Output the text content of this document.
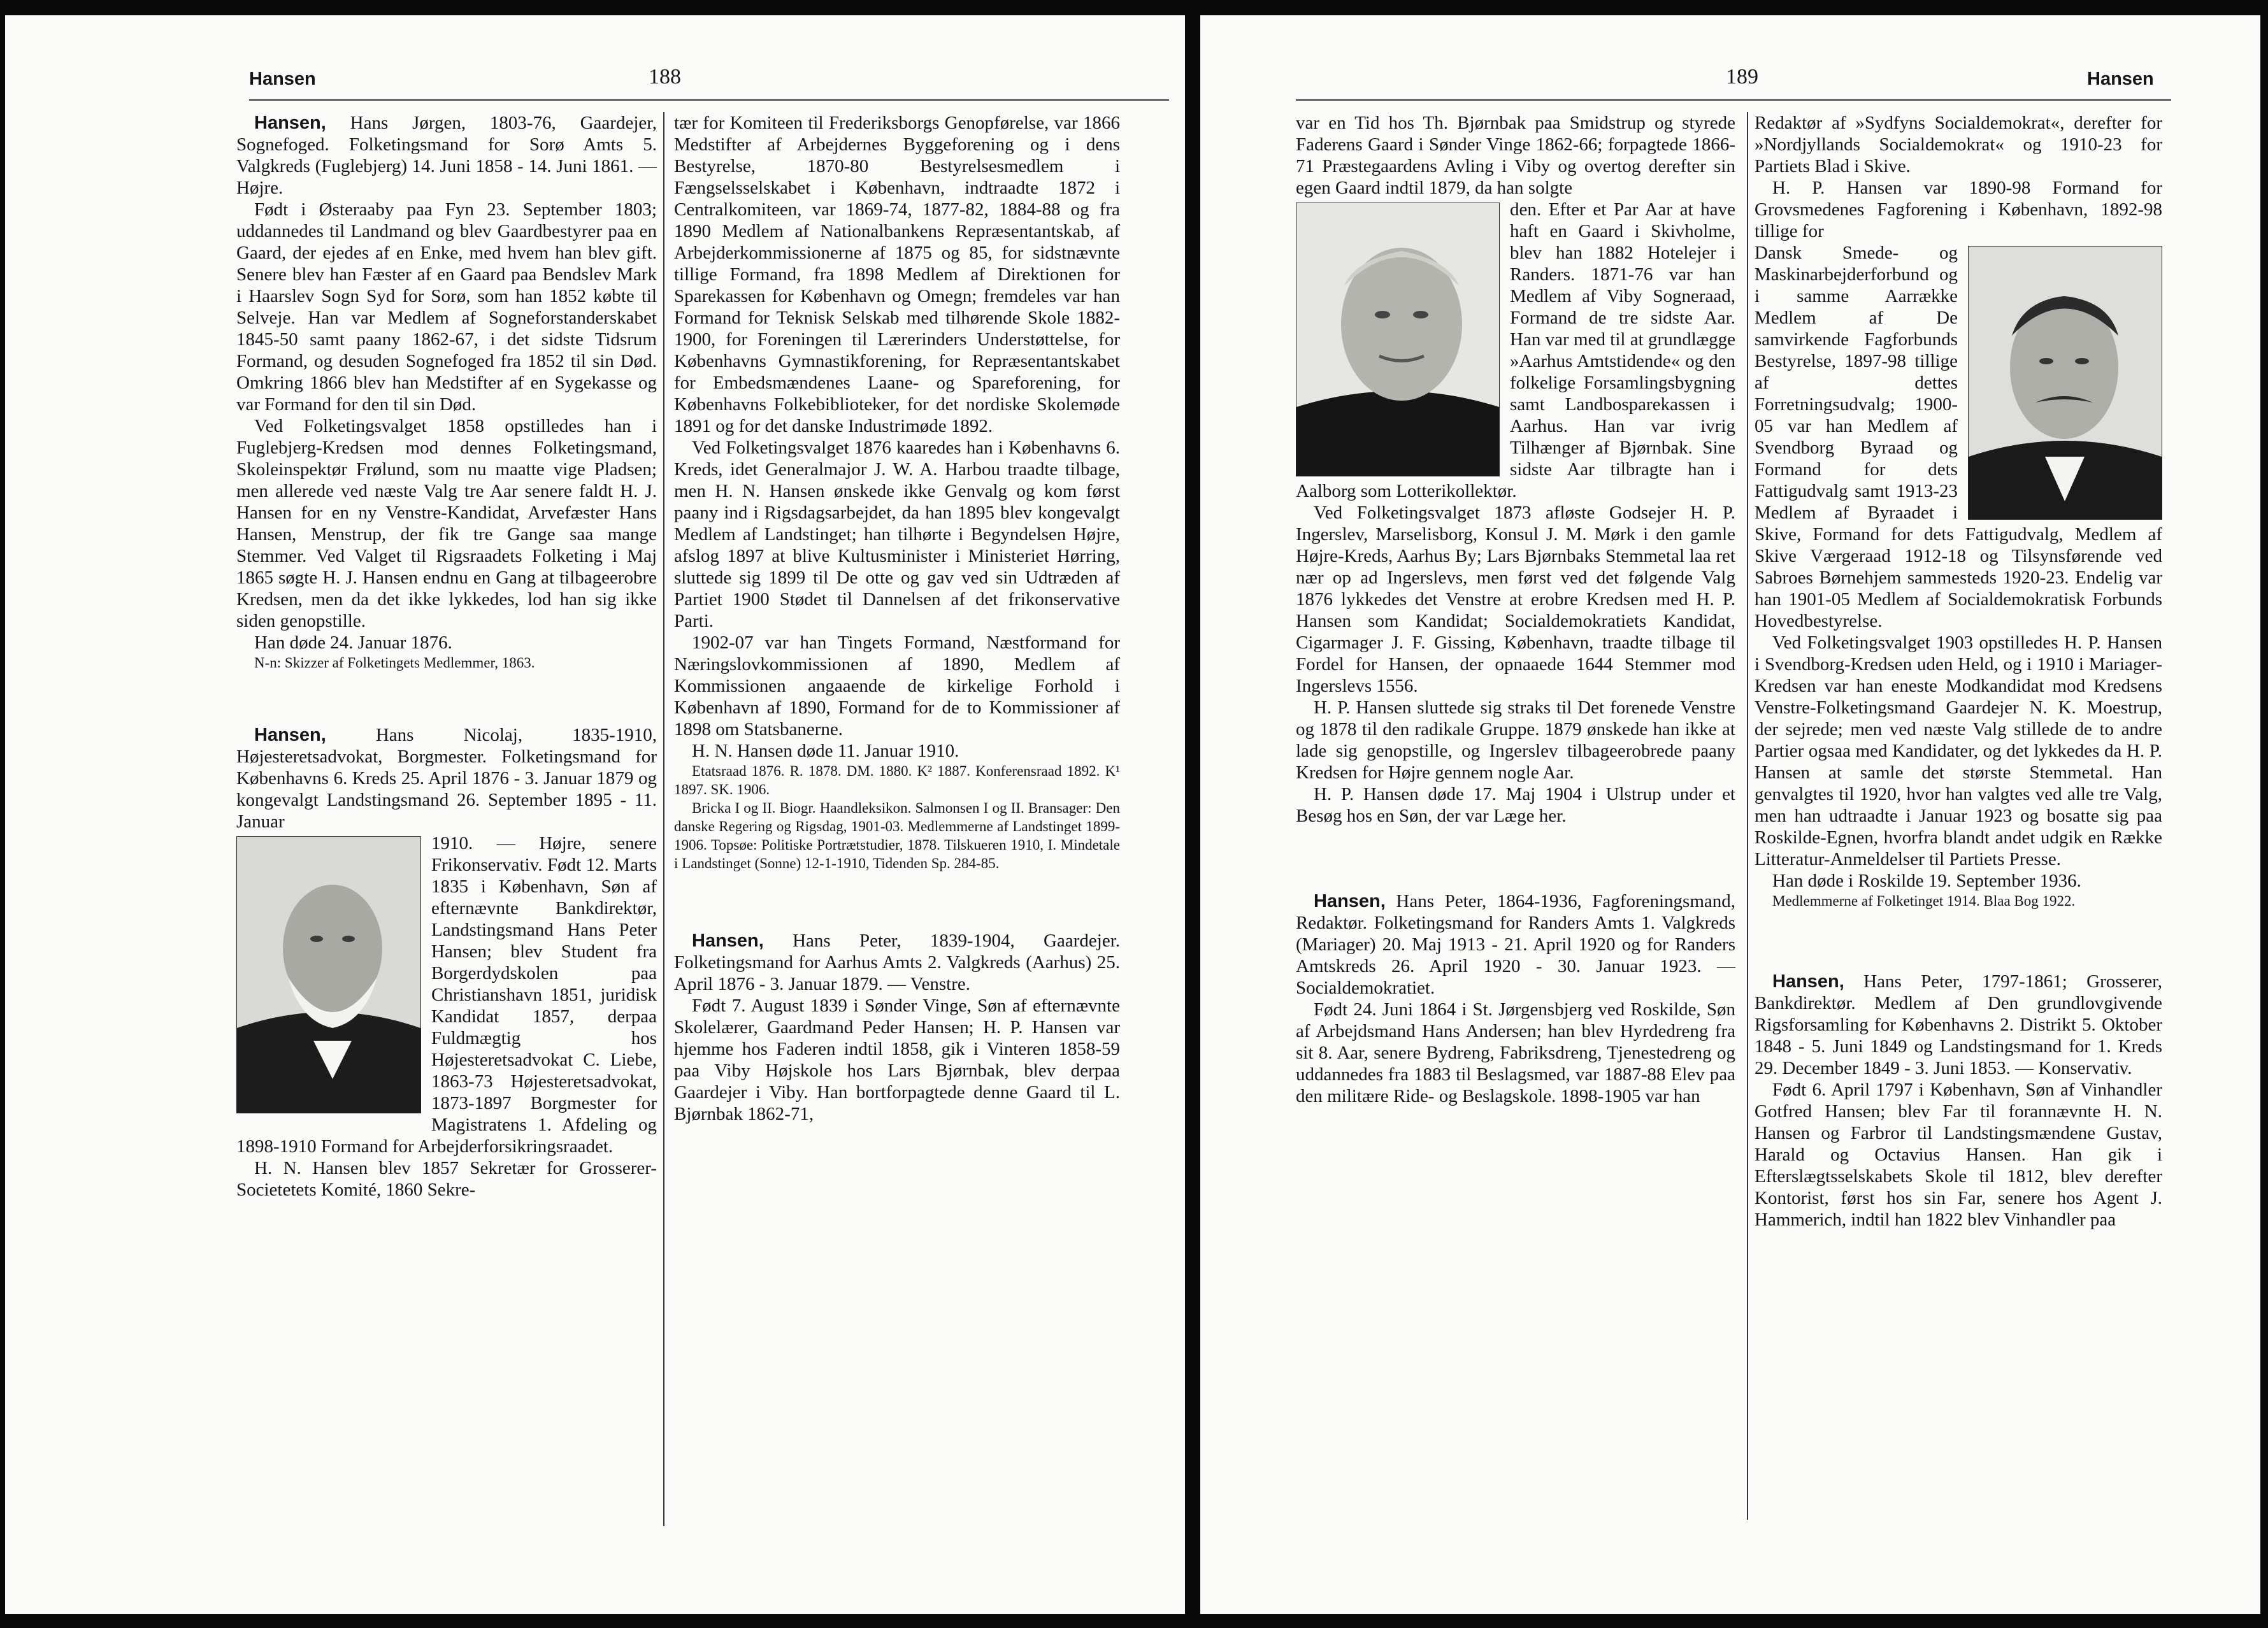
Hansen	188

Hansen, Hans Jørgen, 1803-76, Gaardejer, Sognefoged. Folketingsmand for Sorø Amts 5. Valgkreds (Fuglebjerg) 14. Juni 1858 - 14. Juni 1861. — Højre.

Født i Østeraaby paa Fyn 23. September 1803; uddannedes til Landmand og blev Gaardbestyrer paa en Gaard, der ejedes af en Enke, med hvem han blev gift. Senere blev han Fæster af en Gaard paa Bendslev Mark i Haarslev Sogn Syd for Sorø, som han 1852 købte til Selveje. Han var Medlem af Sogneforstanderskabet 1845-50 samt paany 1862-67, i det sidste Tidsrum Formand, og desuden Sognefoged fra 1852 til sin Død. Omkring 1866 blev han Medstifter af en Sygekasse og var Formand for den til sin Død.

Ved Folketingsvalget 1858 opstilledes han i Fuglebjerg-Kredsen mod dennes Folketingsmand, Skoleinspektør Frølund, som nu maatte vige Pladsen; men allerede ved næste Valg tre Aar senere faldt H. J. Hansen for en ny Venstre-Kandidat, Arvefæster Hans Hansen, Menstrup, der fik tre Gange saa mange Stemmer. Ved Valget til Rigsraadets Folketing i Maj 1865 søgte H. J. Hansen endnu en Gang at tilbageerobre Kredsen, men da det ikke lykkedes, lod han sig ikke siden genopstille.

Han døde 24. Januar 1876.

N-n: Skizzer af Folketingets Medlemmer, 1863.

Hansen,	Hans Nicolaj, 1835-1910, Højesteretsadvokat, Borgmester. Folketingsmand for Københavns 6. Kreds 25. April 1876 - 3. Januar 1879 og kongevalgt Landstingsmand 26. September 1895 - 11. Januar

1910. — Højre, senere Frikonservativ. Født 12. Marts 1835 i København, Søn af efternævnte Bankdirektør, Landstingsmand Hans Peter Hansen; blev Student fra Borgerdydskolen paa Christianshavn 1851, juridisk Kandidat 1857, derpaa Fuldmægtig hos Højesteretsadvokat C. Liebe, 1863-73 Højesteretsadvokat, 1873-1897 Borgmester for Magistratens 1. Afdeling og 1898-1910 Formand for Arbejderforsikringsraadet.

H. N. Hansen blev 1857 Sekretær for Grosserer-Societetets Komité, 1860 Sekre-

tær for Komiteen til Frederiksborgs Genopførelse, var 1866 Medstifter af Arbejdernes Byggeforening og i dens Bestyrelse, 1870-80 Bestyrelsesmedlem i Fængselsselskabet i København, indtraadte 1872 i Centralkomiteen, var 1869-74, 1877-82, 1884-88 og fra 1890 Medlem af Nationalbankens Repræsentantskab, af Arbejderkommissionerne af 1875 og 85, for sidstnævnte tillige Formand, fra 1898 Medlem af Direktionen for Sparekassen for København og Omegn; fremdeles var han Formand for Teknisk Selskab med tilhørende Skole 1882-1900, for Foreningen til Lærerinders Understøttelse, for Københavns Gymnastikforening, for Repræsentantskabet for Embedsmændenes Laane- og Spareforening, for Københavns Folkebiblioteker, for det nordiske Skolemøde 1891 og for det danske Industrimøde 1892.

Ved Folketingsvalget 1876 kaaredes han i Københavns 6. Kreds, idet Generalmajor J. W. A. Harbou traadte tilbage, men H. N. Hansen ønskede ikke Genvalg og kom først paany ind i Rigsdagsarbejdet, da han 1895 blev kongevalgt Medlem af Landstinget; han tilhørte i Begyndelsen Højre, afslog 1897 at blive Kultusminister i Ministeriet Hørring, sluttede sig 1899 til De otte og gav ved sin Udtræden af Partiet 1900 Stødet til Dannelsen af det frikonservative Parti.

1902-07 var han Tingets Formand, Næstformand for Næringslovkommissionen af 1890, Medlem af Kommissionen angaaende de kirkelige Forhold i København af 1890, Formand for de to Kommissioner af 1898 om Statsbanerne.

H. N. Hansen døde 11. Januar 1910.

Etatsraad 1876. R. 1878. DM. 1880. K² 1887. Konferensraad 1892. K¹ 1897. SK. 1906.

Bricka I og II. Biogr. Haandleksikon. Salmonsen I og II. Bransager: Den danske Regering og Rigsdag, 1901-03. Medlemmerne af Landstinget 1899-1906. Topsøe: Politiske Portrætstudier, 1878. Tilskueren 1910, I. Mindetale i Landstinget (Sonne) 12-1-1910, Tidenden Sp. 284-85.

Hansen, Hans Peter, 1839-1904, Gaardejer. Folketingsmand for Aarhus Amts 2. Valgkreds (Aarhus) 25. April 1876 - 3. Januar 1879. — Venstre.

Født 7. August 1839 i Sønder Vinge, Søn af efternævnte Skolelærer, Gaardmand Peder Hansen; H. P. Hansen var hjemme hos Faderen indtil 1858, gik i Vinteren 1858-59 paa Viby Højskole hos Lars Bjørnbak, blev derpaa Gaardejer i Viby. Han bortforpagtede denne Gaard til L. Bjørnbak 1862-71,

189	Hansen

var en Tid hos Th. Bjørnbak paa Smidstrup og styrede Faderens Gaard i Sønder Vinge 1862-66; forpagtede 1866-71 Præstegaardens Avling i Viby og overtog derefter sin egen Gaard indtil 1879, da han solgte

den. Efter et Par Aar at have haft en Gaard i Skivholme, blev han 1882 Hotelejer i Randers. 1871-76 var han Medlem af Viby Sogneraad, Formand de tre sidste Aar. Han var med til at grundlægge »Aarhus Amtstidende« og den folkelige Forsamlingsbygning samt Landbosparekassen i Aarhus. Han var ivrig Tilhænger af Bjørnbak. Sine sidste Aar tilbragte han i Aalborg som Lotterikollektør.

Ved Folketingsvalget 1873 afløste Godsejer H. P. Ingerslev, Marselisborg, Konsul J. M. Mørk i den gamle Højre-Kreds, Aarhus By; Lars Bjørnbaks Stemmetal laa ret nær op ad Ingerslevs, men først ved det følgende Valg 1876 lykkedes det Venstre at erobre Kredsen med H. P. Hansen som Kandidat; Socialdemokratiets Kandidat, Cigarmager J. F. Gissing, København, traadte tilbage til Fordel for Hansen, der opnaaede 1644 Stemmer mod Ingerslevs 1556.

H. P. Hansen sluttede sig straks til Det forenede Venstre og 1878 til den radikale Gruppe. 1879 ønskede han ikke at lade sig genopstille, og Ingerslev tilbageerobrede paany Kredsen for Højre gennem nogle Aar.

H. P. Hansen døde 17. Maj 1904 i Ulstrup under et Besøg hos en Søn, der var Læge her.

Hansen, Hans Peter, 1864-1936, Fagforeningsmand, Redaktør. Folketingsmand for Randers Amts 1. Valgkreds (Mariager) 20. Maj 1913 - 21. April 1920 og for Randers Amtskreds 26. April 1920 - 30. Januar 1923. — Socialdemokratiet.

Født 24. Juni 1864 i St. Jørgensbjerg ved Roskilde, Søn af Arbejdsmand Hans Andersen; han blev Hyrdedreng fra sit 8. Aar, senere Bydreng, Fabriksdreng, Tjenestedreng og uddannedes fra 1883 til Beslagsmed, var 1887-88 Elev paa den militære Ride- og Beslagskole. 1898-1905 var han

Redaktør af »Sydfyns Socialdemokrat«, derefter for »Nordjyllands Socialdemokrat« og 1910-23 for Partiets Blad i Skive.

H. P. Hansen var 1890-98 Formand for Grovsmedenes Fagforening i København, 1892-98 tillige for

Dansk Smede- og Maskinarbejderforbund og i samme Aarrække Medlem af De samvirkende Fagforbunds Bestyrelse, 1897-98 tillige af dettes Forretningsudvalg; 1900-05 var han Medlem af Svendborg Byraad og Formand for dets Fattigudvalg samt 1913-23 Medlem af Byraadet i Skive, Formand for dets Fattigudvalg, Medlem af Skive Værgeraad 1912-18 og Tilsynsførende ved Sabroes Børnehjem sammesteds 1920-23. Endelig var han 1901-05 Medlem af Socialdemokratisk Forbunds Hovedbestyrelse.

Ved Folketingsvalget 1903 opstilledes H. P. Hansen i Svendborg-Kredsen uden Held, og i 1910 i Mariager-Kredsen var han eneste Modkandidat mod Kredsens Venstre-Folketingsmand Gaardejer N. K. Moestrup, der sejrede; men ved næste Valg stillede de to andre Partier ogsaa med Kandidater, og det lykkedes da H. P. Hansen at samle det største Stemmetal. Han genvalgtes til 1920, hvor han valgtes ved alle tre Valg, men han udtraadte i Januar 1923 og bosatte sig paa Roskilde-Egnen, hvorfra blandt andet udgik en Række Litteratur-Anmeldelser til Partiets Presse.

Han døde i Roskilde 19. September 1936.

Medlemmerne af Folketinget 1914. Blaa Bog 1922.

Hansen, Hans Peter, 1797-1861; Grosserer, Bankdirektør. Medlem af Den grundlovgivende Rigsforsamling for Københavns 2. Distrikt 5. Oktober 1848 - 5. Juni 1849 og Landstingsmand for 1. Kreds 29. December 1849 - 3. Juni 1853. — Konservativ.

Født 6. April 1797 i København, Søn af Vinhandler Gotfred Hansen; blev Far til forannævnte H. N. Hansen og Farbror til Landstingsmændene Gustav, Harald og Octavius Hansen. Han gik i Efterslægtsselskabets Skole til 1812, blev derefter Kontorist, først hos sin Far, senere hos Agent J. Hammerich, indtil han 1822 blev Vinhandler paa
